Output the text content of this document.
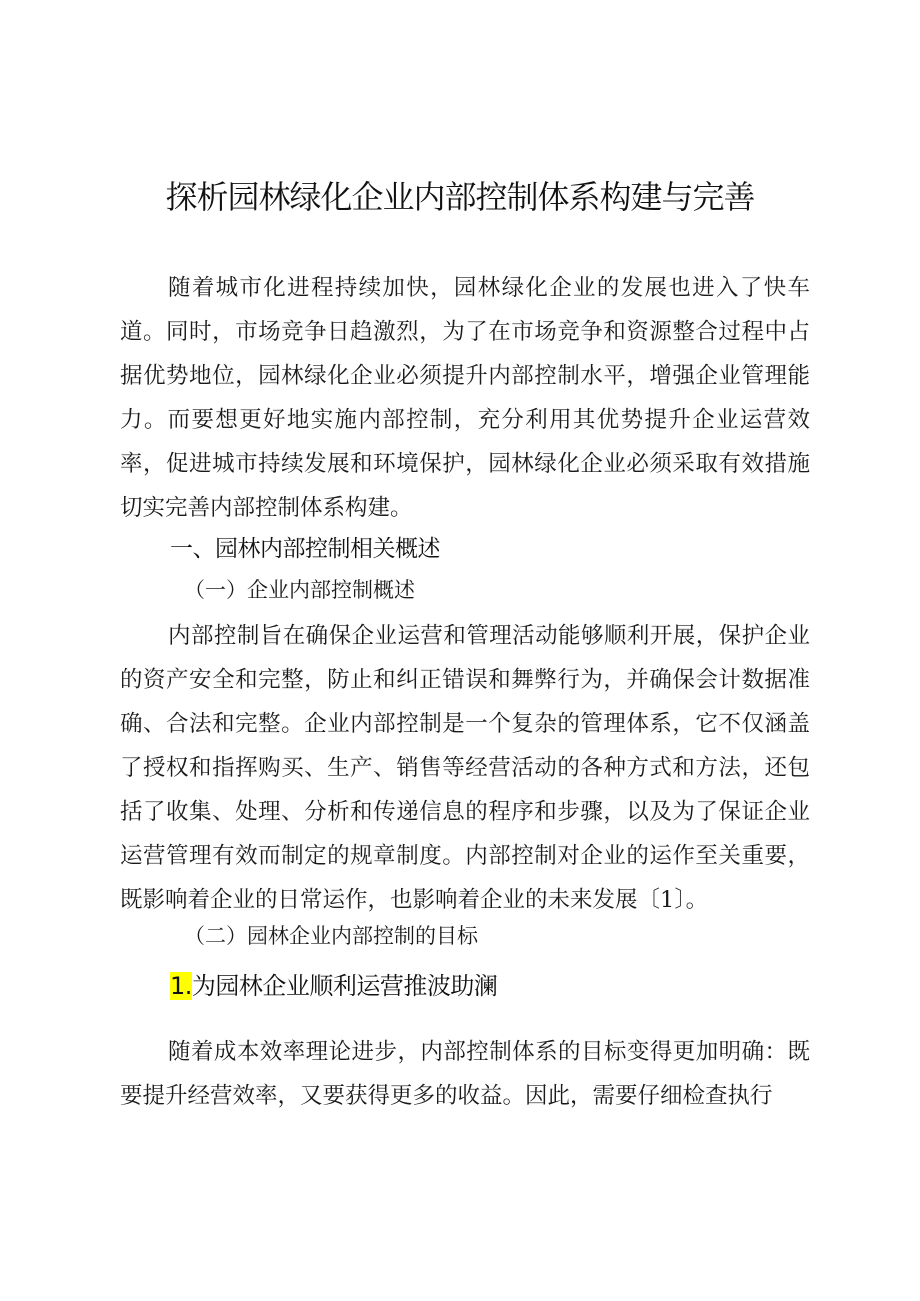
探析园林绿化企业内部控制体系构建与完善

随着城市化进程持续加快，园林绿化企业的发展也进入了快车道。同时，市场竞争日趋激烈，为了在市场竞争和资源整合过程中占据优势地位，园林绿化企业必须提升内部控制水平，增强企业管理能力。而要想更好地实施内部控制，充分利用其优势提升企业运营效率，促进城市持续发展和环境保护，园林绿化企业必须采取有效措施切实完善内部控制体系构建。

一、园林内部控制相关概述
（一）企业内部控制概述

内部控制旨在确保企业运营和管理活动能够顺利开展，保护企业的资产安全和完整，防止和纠正错误和舞弊行为，并确保会计数据准确、合法和完整。企业内部控制是一个复杂的管理体系，它不仅涵盖了授权和指挥购买、生产、销售等经营活动的各种方式和方法，还包括了收集、处理、分析和传递信息的程序和步骤，以及为了保证企业运营管理有效而制定的规章制度。内部控制对企业的运作至关重要，既影响着企业的日常运作，也影响着企业的未来发展〔1〕。

（二）园林企业内部控制的目标
1.为园林企业顺利运营推波助澜

随着成本效率理论进步，内部控制体系的目标变得更加明确：既要提升经营效率，又要获得更多的收益。因此，需要仔细检查执行
